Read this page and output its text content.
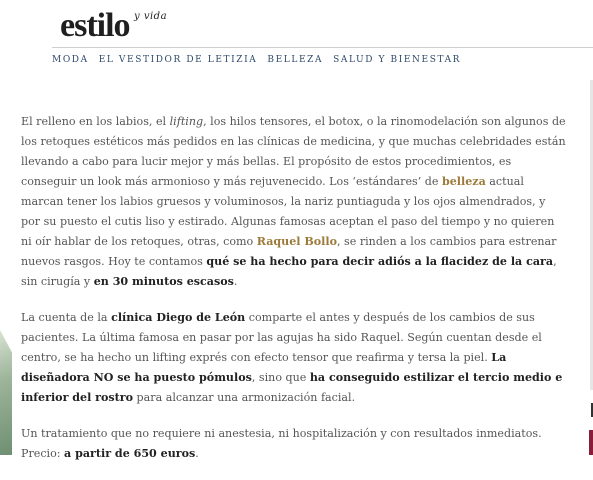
estilo y vida
MODA EL VESTIDOR DE LETIZIA BELLEZA SALUD Y BIENESTAR

El relleno en los labios, el lifting, los hilos tensores, el botox, o la rinomodelación son algunos de los retoques estéticos más pedidos en las clínicas de medicina, y que muchas celebridades están llevando a cabo para lucir mejor y más bellas. El propósito de estos procedimientos, es conseguir un look más armonioso y más rejuvenecido. Los ‘estándares’ de belleza actual marcan tener los labios gruesos y voluminosos, la nariz puntiaguda y los ojos almendrados, y por su puesto el cutis liso y estirado. Algunas famosas aceptan el paso del tiempo y no quieren ni oír hablar de los retoques, otras, como Raquel Bollo, se rinden a los cambios para estrenar nuevos rasgos. Hoy te contamos qué se ha hecho para decir adiós a la flacidez de la cara, sin cirugía y en 30 minutos escasos.

La cuenta de la clínica Diego de León comparte el antes y después de los cambios de sus pacientes. La última famosa en pasar por las agujas ha sido Raquel. Según cuentan desde el centro, se ha hecho un lifting exprés con efecto tensor que reafirma y tersa la piel. La diseñadora NO se ha puesto pómulos, sino que ha conseguido estilizar el tercio medio e inferior del rostro para alcanzar una armonización facial.

Un tratamiento que no requiere ni anestesia, ni hospitalización y con resultados inmediatos. Precio: a partir de 650 euros.
